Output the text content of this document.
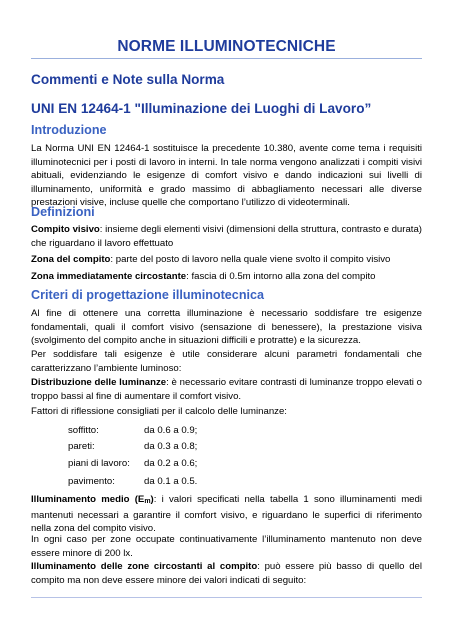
NORME ILLUMINOTECNICHE
Commenti e Note sulla Norma
UNI EN 12464-1 "Illuminazione dei Luoghi di Lavoro”
Introduzione
La Norma UNI EN 12464-1 sostituisce la precedente 10.380, avente come tema i requisiti illuminotecnici per i posti di lavoro in interni. In tale norma vengono analizzati i compiti visivi abituali, evidenziando le esigenze di comfort visivo e dando indicazioni sui livelli di illuminamento, uniformità e grado massimo di abbagliamento necessari alle diverse prestazioni visive, incluse quelle che comportano l’utilizzo di videoterminali.
Definizioni
Compito visivo: insieme degli elementi visivi (dimensioni della struttura, contrasto e durata) che riguardano il lavoro effettuato
Zona del compito: parte del posto di lavoro nella quale viene svolto il compito visivo
Zona immediatamente circostante: fascia di 0.5m intorno alla zona del compito
Criteri di progettazione illuminotecnica
Al fine di ottenere una corretta illuminazione è necessario soddisfare tre esigenze fondamentali, quali il comfort visivo (sensazione di benessere), la prestazione visiva (svolgimento del compito anche in situazioni difficili e protratte) e la sicurezza.
Per soddisfare tali esigenze è utile considerare alcuni parametri fondamentali che caratterizzano l’ambiente luminoso:
Distribuzione delle luminanze: è necessario evitare contrasti di luminanze troppo elevati o troppo bassi al fine di aumentare il comfort visivo.
Fattori di riflessione consigliati per il calcolo delle luminanze:
soffitto:	da 0.6 a 0.9;
pareti:	da 0.3 a 0.8;
piani di lavoro: da 0.2 a 0.6;
pavimento:	da 0.1 a 0.5.
Illuminamento medio (Em): i valori specificati nella tabella 1 sono illuminamenti medi mantenuti necessari a garantire il comfort visivo, e riguardano le superfici di riferimento nella zona del compito visivo.
In ogni caso per zone occupate continuativamente l’illuminamento mantenuto non deve essere minore di 200 lx.
Illuminamento delle zone circostanti al compito: può essere più basso di quello del compito ma non deve essere minore dei valori indicati di seguito:
